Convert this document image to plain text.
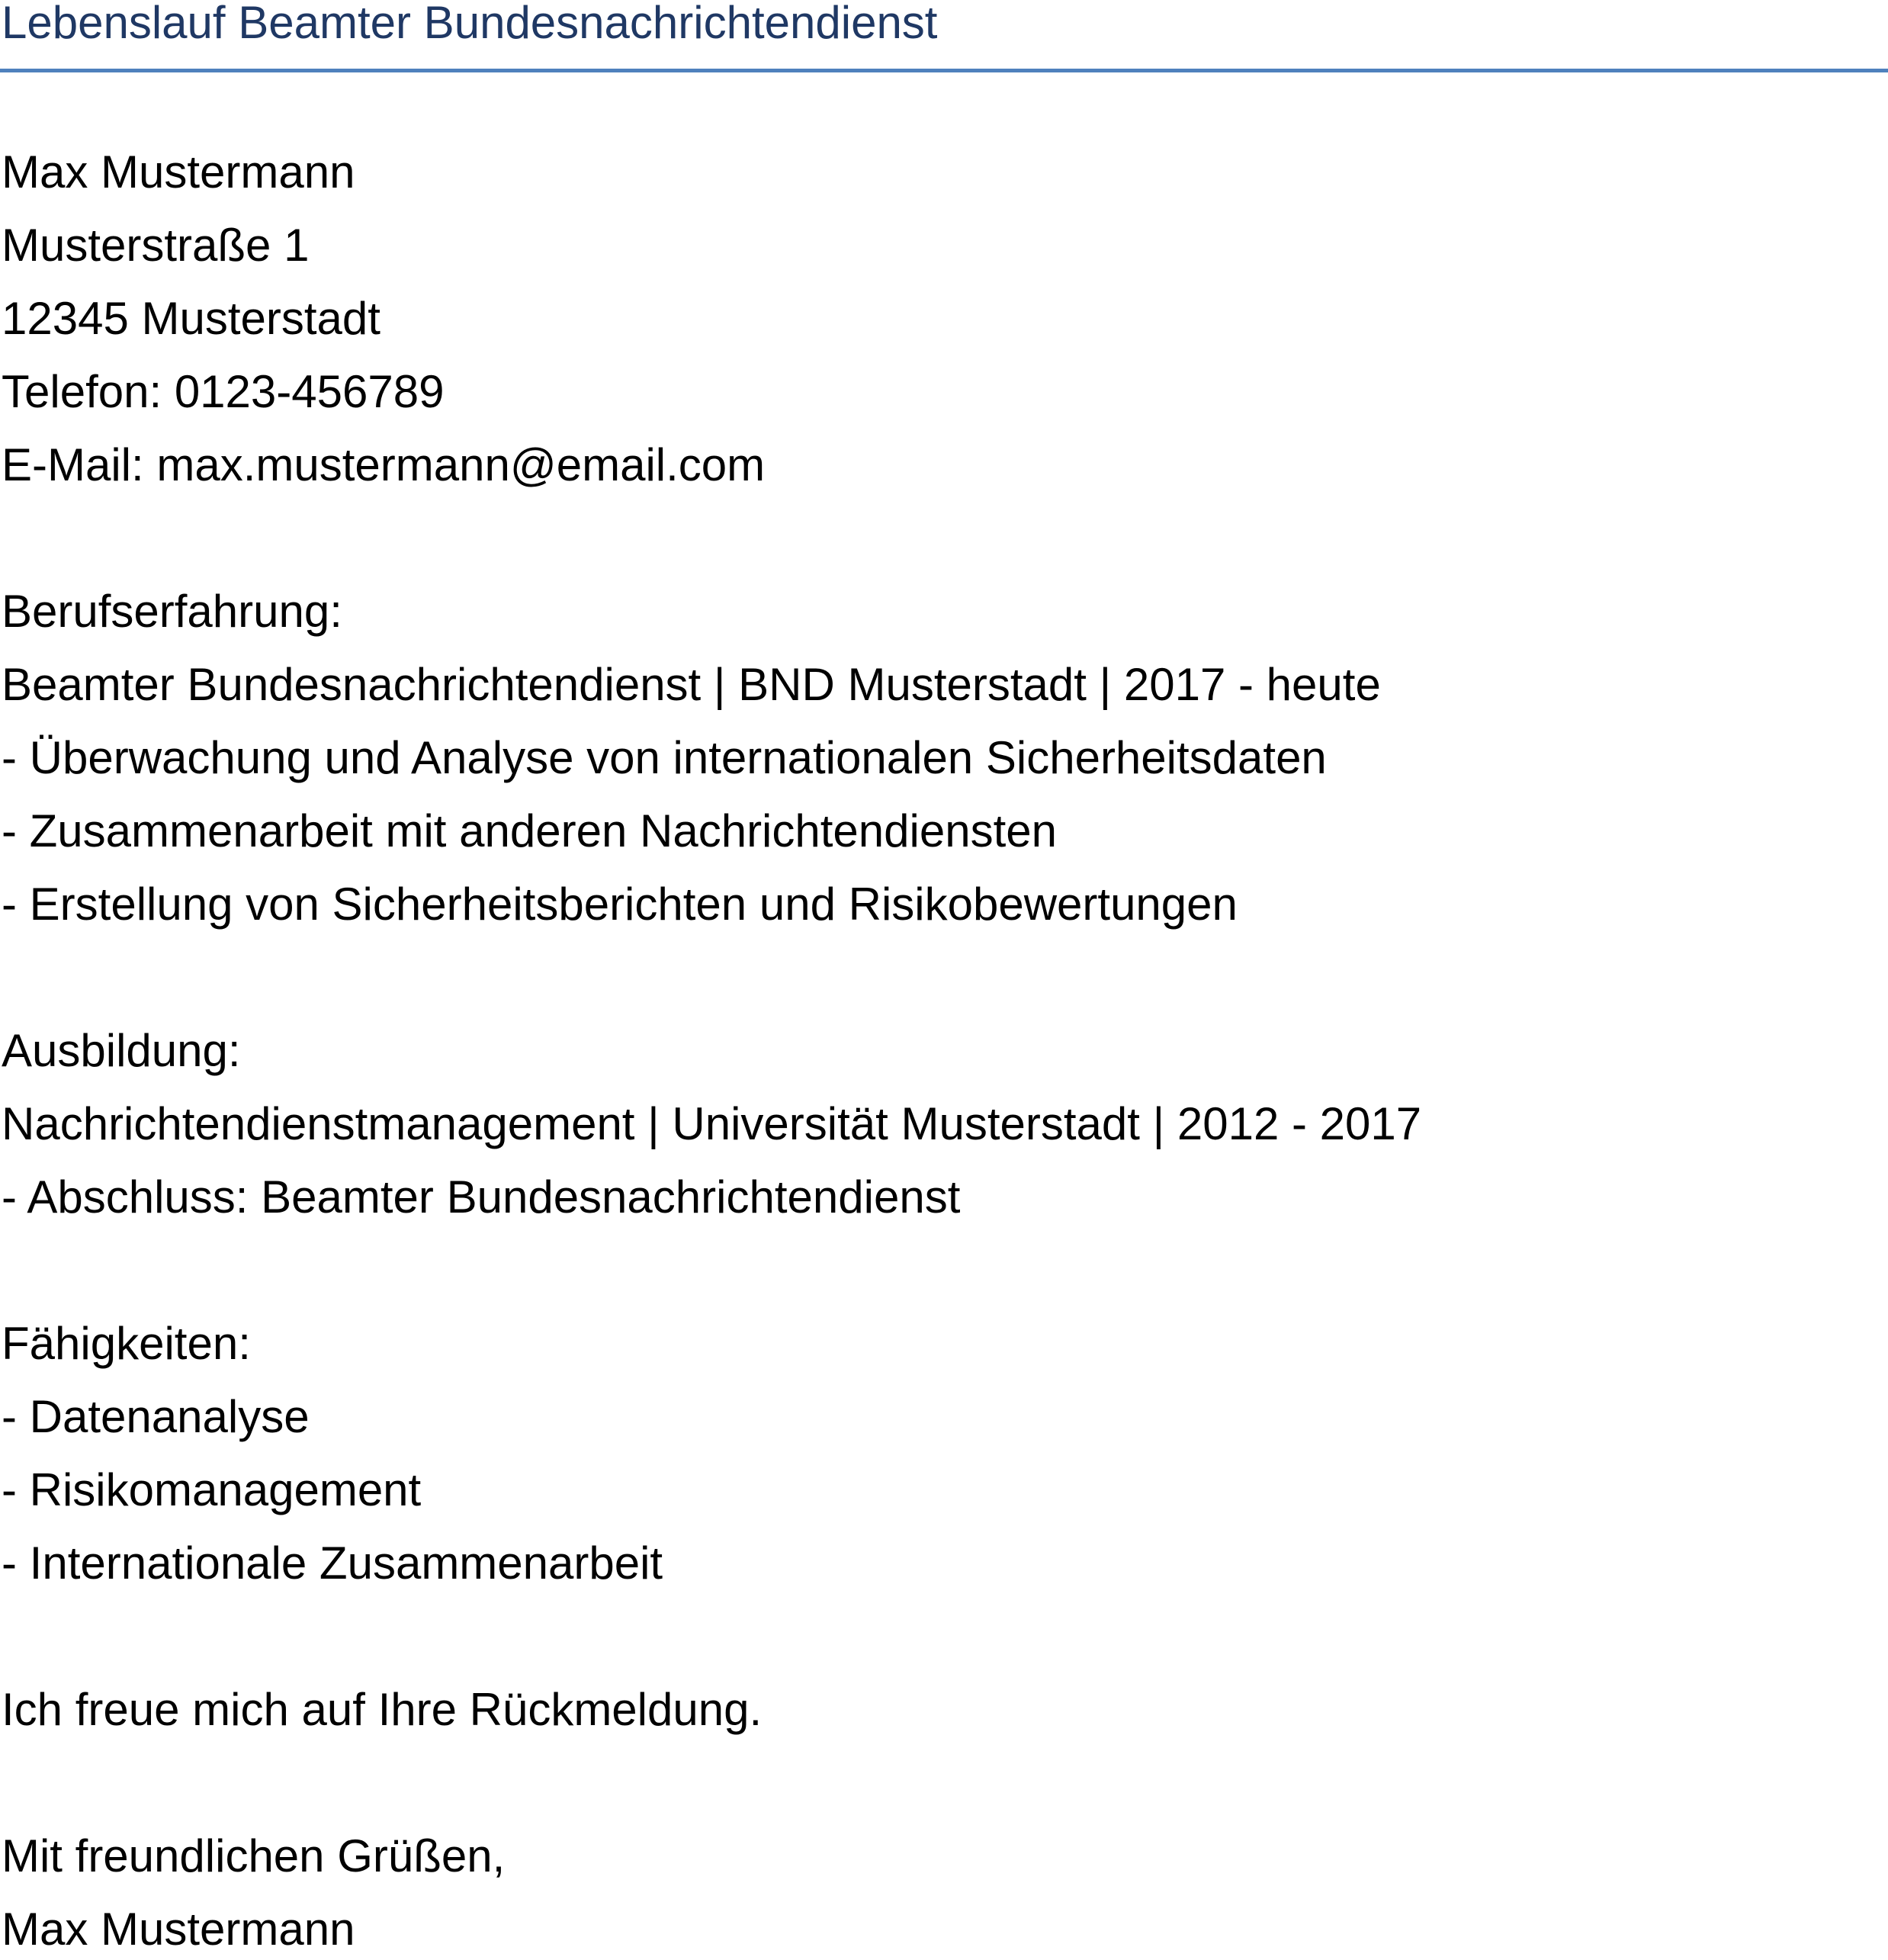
Lebenslauf Beamter Bundesnachrichtendienst
Max Mustermann
Musterstraße 1
12345 Musterstadt
Telefon: 0123-456789
E-Mail: max.mustermann@email.com
Berufserfahrung:
Beamter Bundesnachrichtendienst | BND Musterstadt | 2017 - heute
- Überwachung und Analyse von internationalen Sicherheitsdaten
- Zusammenarbeit mit anderen Nachrichtendiensten
- Erstellung von Sicherheitsberichten und Risikobewertungen
Ausbildung:
Nachrichtendienstmanagement | Universität Musterstadt | 2012 - 2017
- Abschluss: Beamter Bundesnachrichtendienst
Fähigkeiten:
- Datenanalyse
- Risikomanagement
- Internationale Zusammenarbeit
Ich freue mich auf Ihre Rückmeldung.
Mit freundlichen Grüßen,
Max Mustermann
